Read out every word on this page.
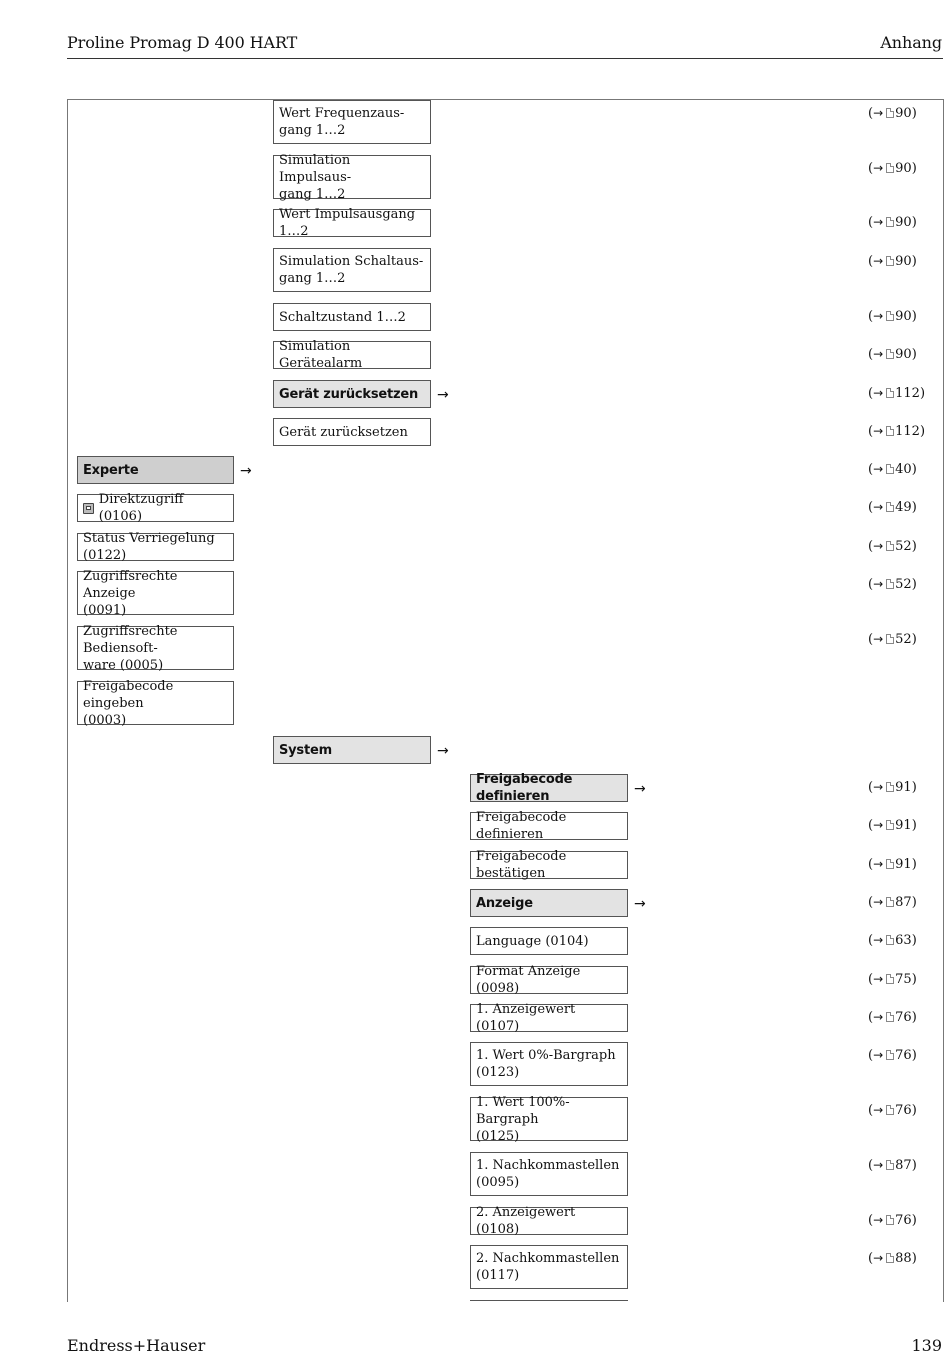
Proline Promag D 400 HART	Anhang
Wert Frequenzaus-
gang 1…2
(→ 90)
Simulation Impulsaus-
gang 1…2
(→ 90)
Wert Impulsausgang 1…2
(→ 90)
Simulation Schaltaus-
gang 1…2
(→ 90)
Schaltzustand 1…2	(→ 90)
Simulation Gerätealarm
(→ 90)
Gerät zurücksetzen →	(→ 112)
Gerät zurücksetzen	(→ 112)
Experte	→	(→ 40)
Direktzugriff (0106)
(→ 49)
Status Verriegelung (0122)
(→ 52)
Zugriffsrechte Anzeige
(0091)
(→ 52)
Zugriffsrechte Bediensoft-
ware (0005)
(→ 52)
Freigabecode eingeben
(0003)
System	→
Freigabecode definieren	→	(→ 91)
Freigabecode definieren
(→ 91)
Freigabecode bestätigen
(→ 91)
Anzeige	→	(→ 87)
Language (0104)	(→ 63)
Format Anzeige (0098)
(→ 75)
1. Anzeigewert (0107)
(→ 76)
1. Wert 0%-Bargraph
(0123)
(→ 76)
1. Wert 100%-Bargraph
(0125)
(→ 76)
1. Nachkommastellen
(0095)
(→ 87)
2. Anzeigewert (0108)
(→ 76)
2. Nachkommastellen
(0117)
(→ 88)
Endress+Hauser	139
